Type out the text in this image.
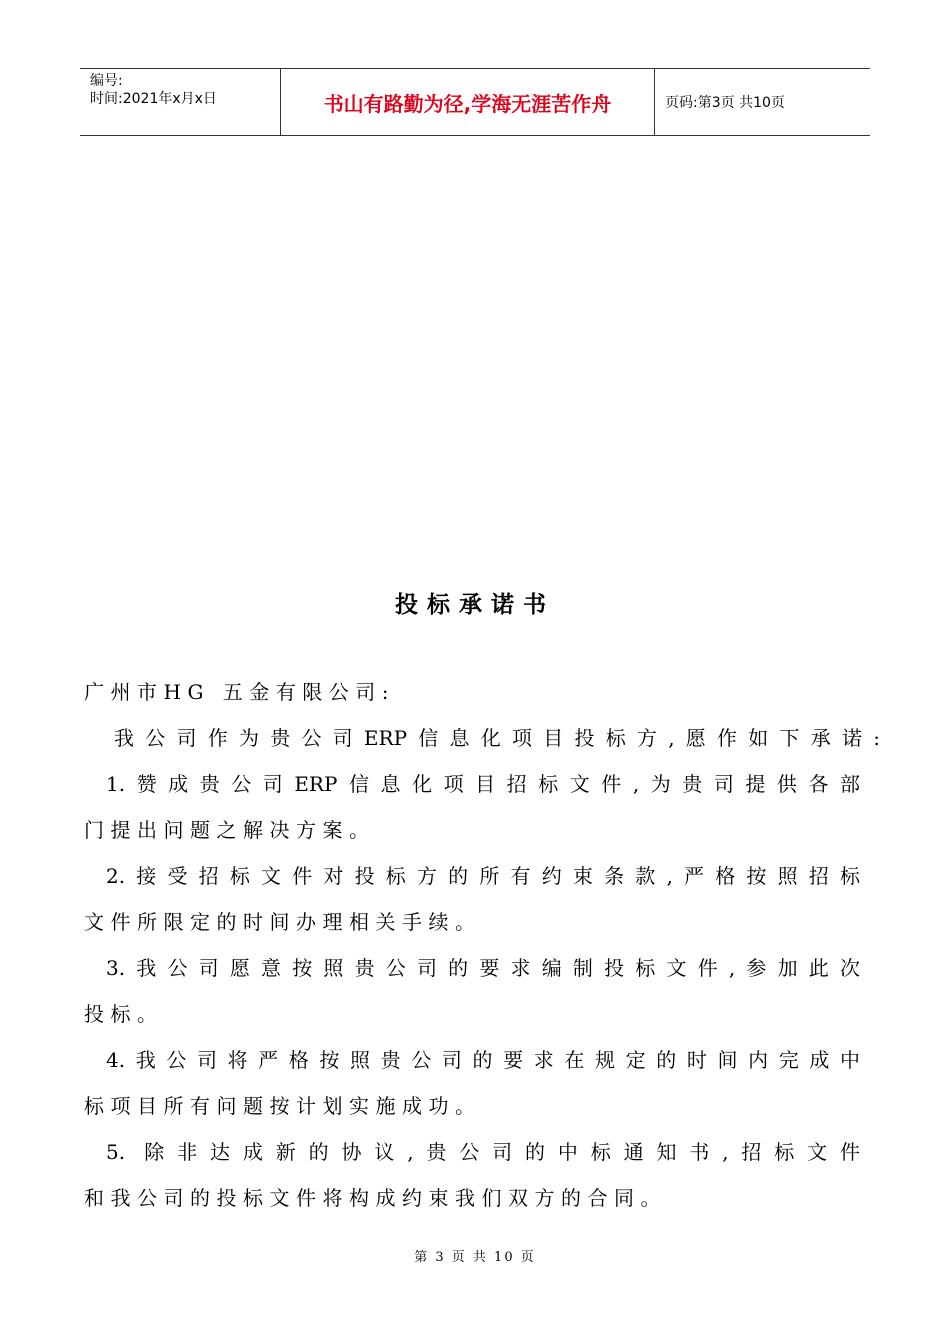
编号:
时间:2021年x月x日	书山有路勤为径,学海无涯苦作舟	页码:第3页 共10页
投标承诺书
广州市HG 五金有限公司:
我公司作为贵公司ERP信息化项目投标方,愿作如下承诺:
1.赞成贵公司ERP信息化项目招标文件,为贵司提供各部
门提出问题之解决方案。
2.接受招标文件对投标方的所有约束条款,严格按照招标
文件所限定的时间办理相关手续。
3.我公司愿意按照贵公司的要求编制投标文件,参加此次
投标。
4.我公司将严格按照贵公司的要求在规定的时间内完成中
标项目所有问题按计划实施成功。
5. 除非达成新的协议,贵公司的中标通知书,招标文件
和我公司的投标文件将构成约束我们双方的合同。
第 3 页 共 10 页
